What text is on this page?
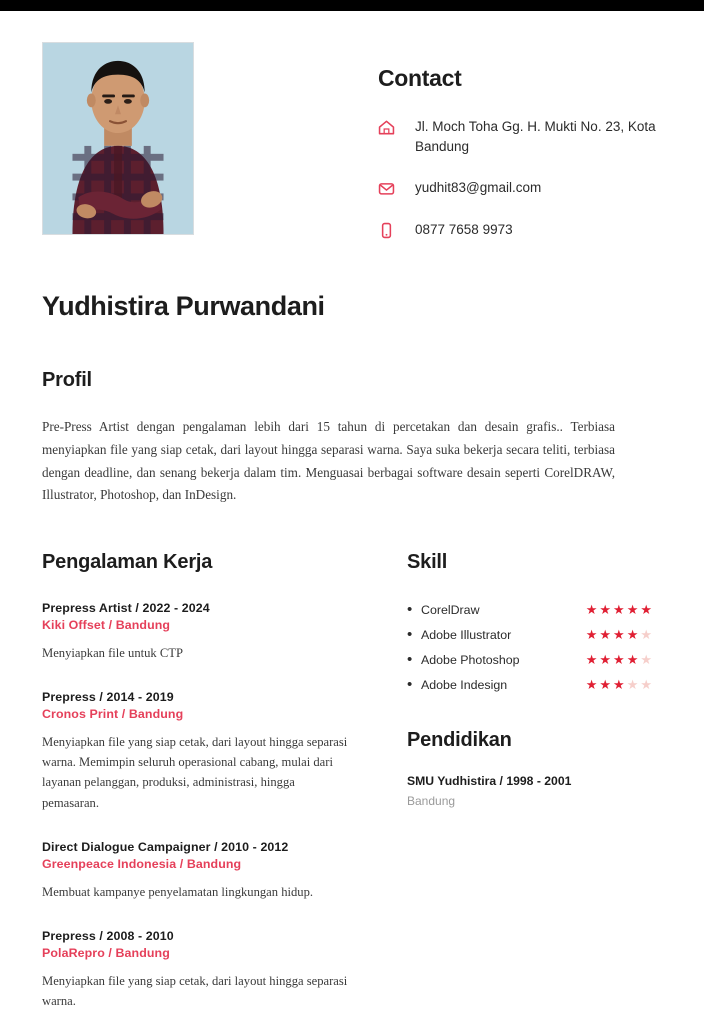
Contact
Jl. Moch Toha Gg. H. Mukti No. 23, Kota Bandung
yudhit83@gmail.com
0877 7658 9973
Yudhistira Purwandani
Profil
Pre-Press Artist dengan pengalaman lebih dari 15 tahun di percetakan dan desain grafis.. Terbiasa menyiapkan file yang siap cetak, dari layout hingga separasi warna. Saya suka bekerja secara teliti, terbiasa dengan deadline, dan senang bekerja dalam tim. Menguasai berbagai software desain seperti CorelDRAW, Illustrator, Photoshop, dan InDesign.
Pengalaman Kerja
Prepress Artist / 2022 - 2024
Kiki Offset / Bandung
Menyiapkan file untuk CTP
Prepress / 2014 - 2019
Cronos Print / Bandung
Menyiapkan file yang siap cetak, dari layout hingga separasi warna. Memimpin seluruh operasional cabang, mulai dari layanan pelanggan, produksi, administrasi, hingga pemasaran.
Direct Dialogue Campaigner / 2010 - 2012
Greenpeace Indonesia / Bandung
Membuat kampanye penyelamatan lingkungan hidup.
Prepress / 2008 - 2010
PolaRepro / Bandung
Menyiapkan file yang siap cetak, dari layout hingga separasi warna.
Skill
• CorelDraw	★ ★ ★ ★ ★
• Adobe Illustrator	★ ★ ★ ★ ★
• Adobe Photoshop	★ ★ ★ ★ ★
• Adobe Indesign	★ ★ ★ ★ ★
Pendidikan
SMU Yudhistira / 1998 - 2001
Bandung
